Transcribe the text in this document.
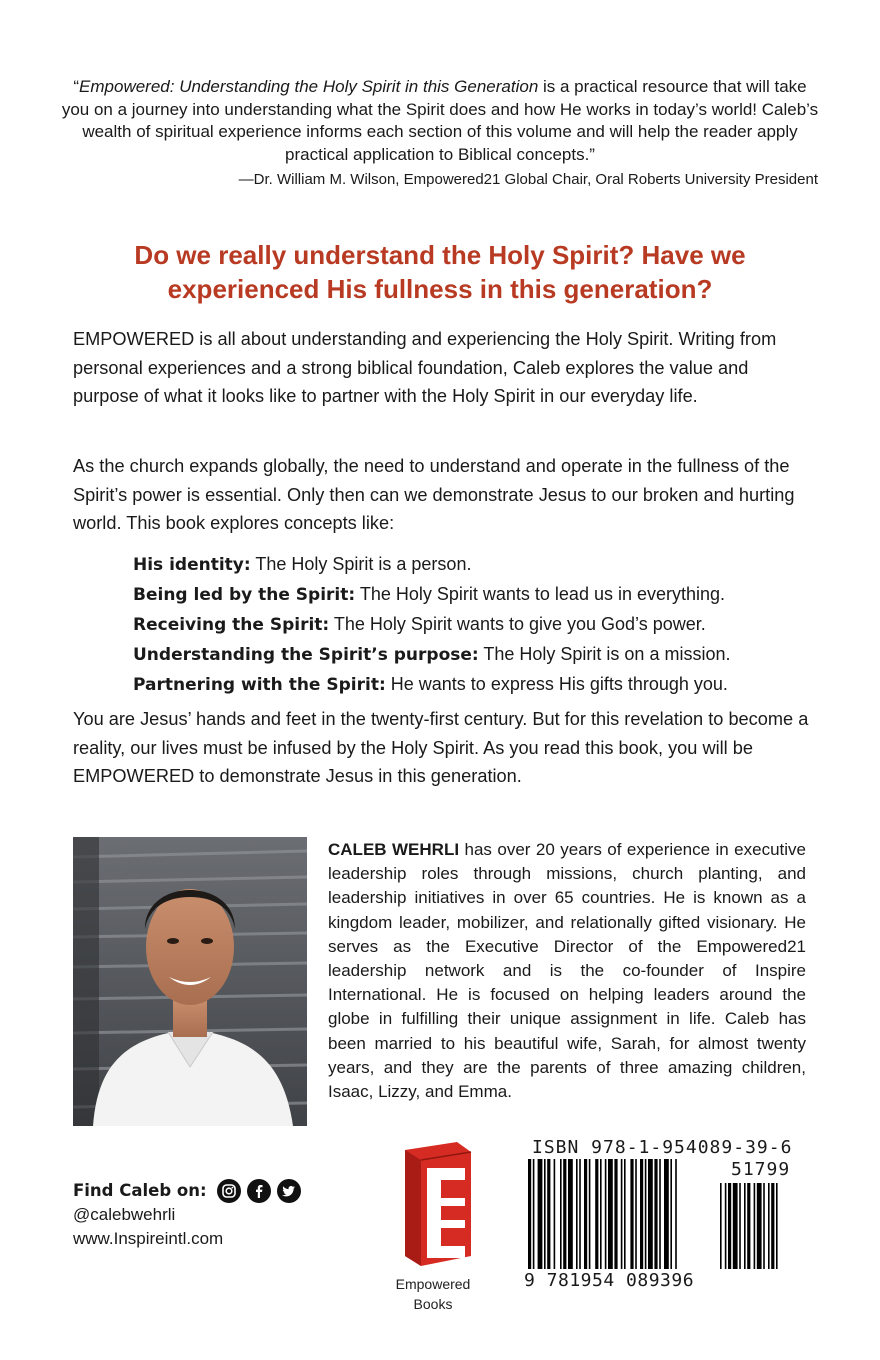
“Empowered: Understanding the Holy Spirit in this Generation is a practical resource that will take you on a journey into understanding what the Spirit does and how He works in today’s world! Caleb’s wealth of spiritual experience informs each section of this volume and will help the reader apply practical application to Biblical concepts.”
—Dr. William M. Wilson, Empowered21 Global Chair, Oral Roberts University President
Do we really understand the Holy Spirit? Have we experienced His fullness in this generation?
EMPOWERED is all about understanding and experiencing the Holy Spirit. Writing from personal experiences and a strong biblical foundation, Caleb explores the value and purpose of what it looks like to partner with the Holy Spirit in our everyday life.
As the church expands globally, the need to understand and operate in the fullness of the Spirit’s power is essential. Only then can we demonstrate Jesus to our broken and hurting world. This book explores concepts like:
His identity: The Holy Spirit is a person.
Being led by the Spirit: The Holy Spirit wants to lead us in everything.
Receiving the Spirit: The Holy Spirit wants to give you God’s power.
Understanding the Spirit’s purpose: The Holy Spirit is on a mission.
Partnering with the Spirit: He wants to express His gifts through you.
You are Jesus’ hands and feet in the twenty-first century. But for this revelation to become a reality, our lives must be infused by the Holy Spirit. As you read this book, you will be EMPOWERED to demonstrate Jesus in this generation.
CALEB WEHRLI has over 20 years of experience in executive leadership roles through missions, church planting, and leadership initiatives in over 65 countries. He is known as a kingdom leader, mobilizer, and relationally gifted visionary. He serves as the Executive Director of the Empowered21 leadership network and is the co-founder of Inspire International. He is focused on helping leaders around the globe in fulfilling their unique assignment in life. Caleb has been married to his beautiful wife, Sarah, for almost twenty years, and they are the parents of three amazing children, Isaac, Lizzy, and Emma.
Find Caleb on:
@calebwehrli
www.Inspireintl.com
Empowered
Books
ISBN 978-1-954089-39-6
51799
9 781954 089396
